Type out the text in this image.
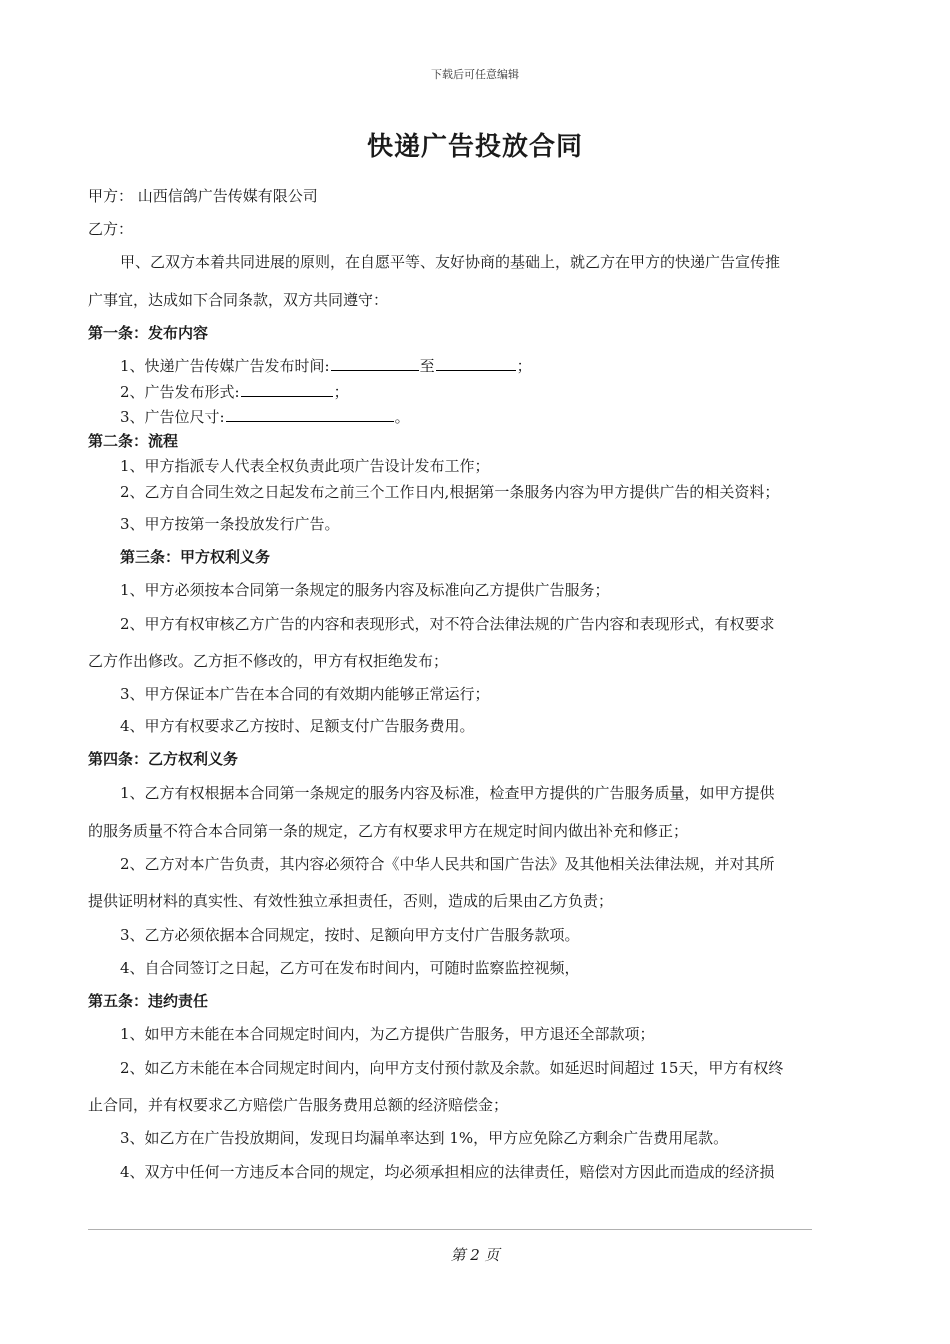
下载后可任意编辑
快递广告投放合同
甲方： 山西信鸽广告传媒有限公司
乙方：
甲、乙双方本着共同进展的原则，在自愿平等、友好协商的基础上，就乙方在甲方的快递广告宣传推
广事宜，达成如下合同条款，双方共同遵守：
第一条：发布内容
1、快递广告传媒广告发布时间:	至	；
2、广告发布形式:	；
3、广告位尺寸:	。
第二条：流程
1、甲方指派专人代表全权负责此项广告设计发布工作；
2、乙方自合同生效之日起发布之前三个工作日内,根据第一条服务内容为甲方提供广告的相关资料；
3、甲方按第一条投放发行广告。
第三条：甲方权利义务
1、甲方必须按本合同第一条规定的服务内容及标准向乙方提供广告服务；
2、甲方有权审核乙方广告的内容和表现形式，对不符合法律法规的广告内容和表现形式，有权要求
乙方作出修改。乙方拒不修改的，甲方有权拒绝发布；
3、甲方保证本广告在本合同的有效期内能够正常运行；
4、甲方有权要求乙方按时、足额支付广告服务费用。
第四条：乙方权利义务
1、乙方有权根据本合同第一条规定的服务内容及标准，检查甲方提供的广告服务质量，如甲方提供
的服务质量不符合本合同第一条的规定，乙方有权要求甲方在规定时间内做出补充和修正；
2、乙方对本广告负责，其内容必须符合《中华人民共和国广告法》及其他相关法律法规，并对其所
提供证明材料的真实性、有效性独立承担责任，否则，造成的后果由乙方负责；
3、乙方必须依据本合同规定，按时、足额向甲方支付广告服务款项。
4、自合同签订之日起，乙方可在发布时间内，可随时监察监控视频，
第五条：违约责任
1、如甲方未能在本合同规定时间内，为乙方提供广告服务，甲方退还全部款项；
2、如乙方未能在本合同规定时间内，向甲方支付预付款及余款。如延迟时间超过 15天，甲方有权终
止合同，并有权要求乙方赔偿广告服务费用总额的经济赔偿金；
3、如乙方在广告投放期间，发现日均漏单率达到 1%，甲方应免除乙方剩余广告费用尾款。
4、双方中任何一方违反本合同的规定，均必须承担相应的法律责任，赔偿对方因此而造成的经济损
第 2 页
